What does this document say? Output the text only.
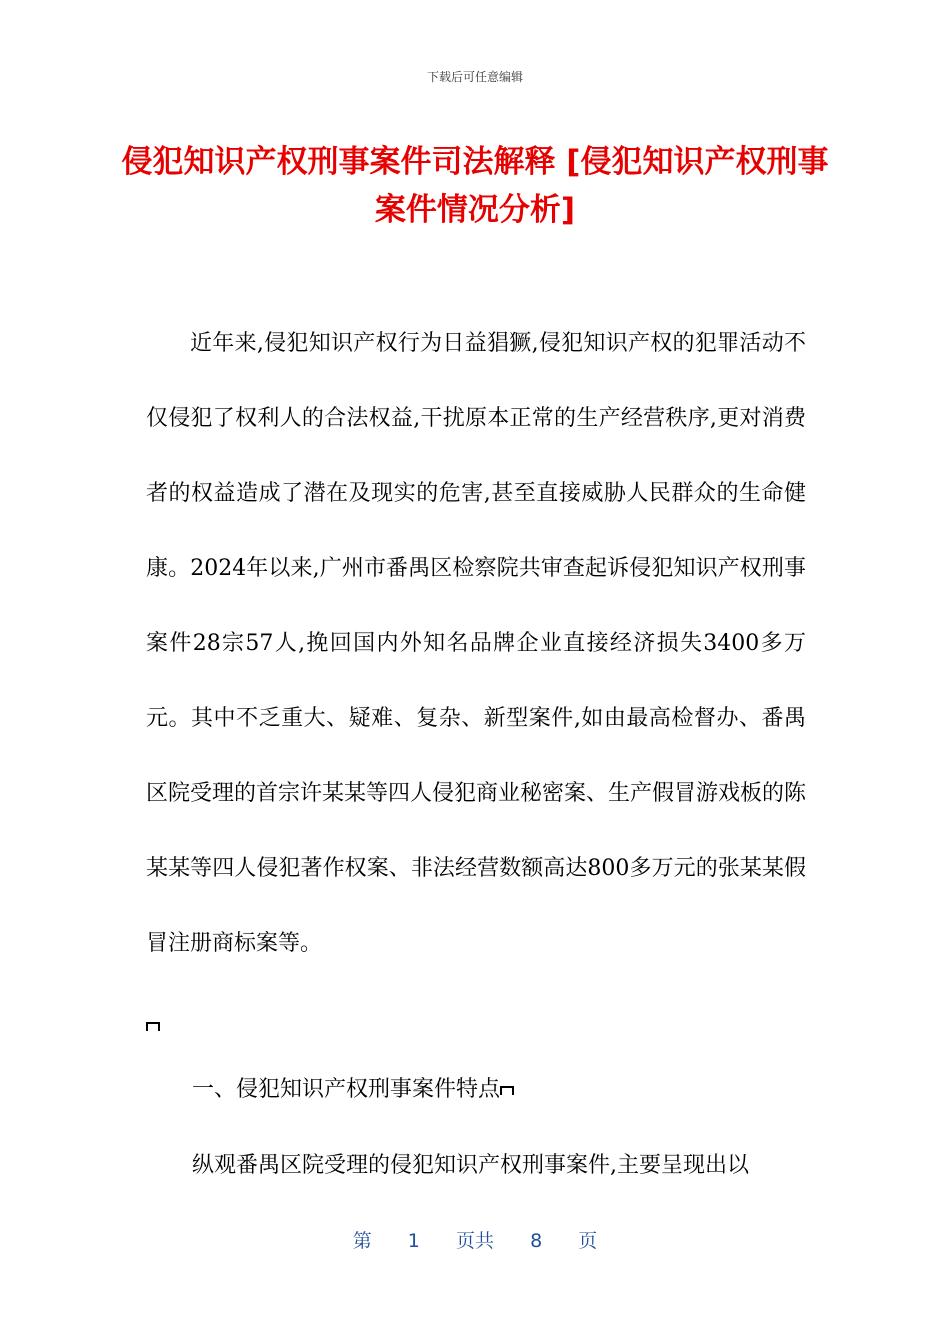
下载后可任意编辑
侵犯知识产权刑事案件司法解释 [侵犯知识产权刑事案件情况分析]

近年来,侵犯知识产权行为日益猖獗,侵犯知识产权的犯罪活动不仅侵犯了权利人的合法权益,干扰原本正常的生产经营秩序,更对消费者的权益造成了潜在及现实的危害,甚至直接威胁人民群众的生命健康。2024年以来,广州市番禺区检察院共审查起诉侵犯知识产权刑事案件28宗57人,挽回国内外知名品牌企业直接经济损失3400多万元。其中不乏重大、疑难、复杂、新型案件,如由最高检督办、番禺区院受理的首宗许某某等四人侵犯商业秘密案、生产假冒游戏板的陈某某等四人侵犯著作权案、非法经营数额高达800多万元的张某某假冒注册商标案等。

一、侵犯知识产权刑事案件特点

纵观番禺区院受理的侵犯知识产权刑事案件,主要呈现出以

第 1 页共 8 页
